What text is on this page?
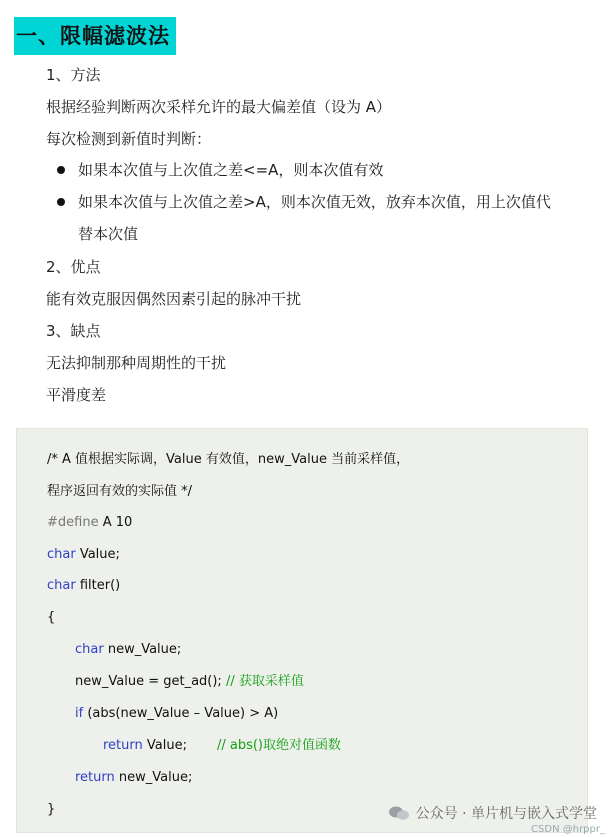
一、限幅滤波法
1、方法
根据经验判断两次采样允许的最大偏差值（设为 A）
每次检测到新值时判断：
如果本次值与上次值之差<=A，则本次值有效
如果本次值与上次值之差>A，则本次值无效，放弃本次值，用上次值代
替本次值
2、优点
能有效克服因偶然因素引起的脉冲干扰
3、缺点
无法抑制那种周期性的干扰
平滑度差
/* A 值根据实际调，Value 有效值，new_Value 当前采样值，
程序返回有效的实际值 */
#define A 10
char Value;
char filter()
{
char new_Value;
new_Value = get_ad(); // 获取采样值
if (abs(new_Value – Value) > A)
return Value; // abs()取绝对值函数
return new_Value;
}	公众号 · 单片机与嵌入式学堂
CSDN @hrppr_
